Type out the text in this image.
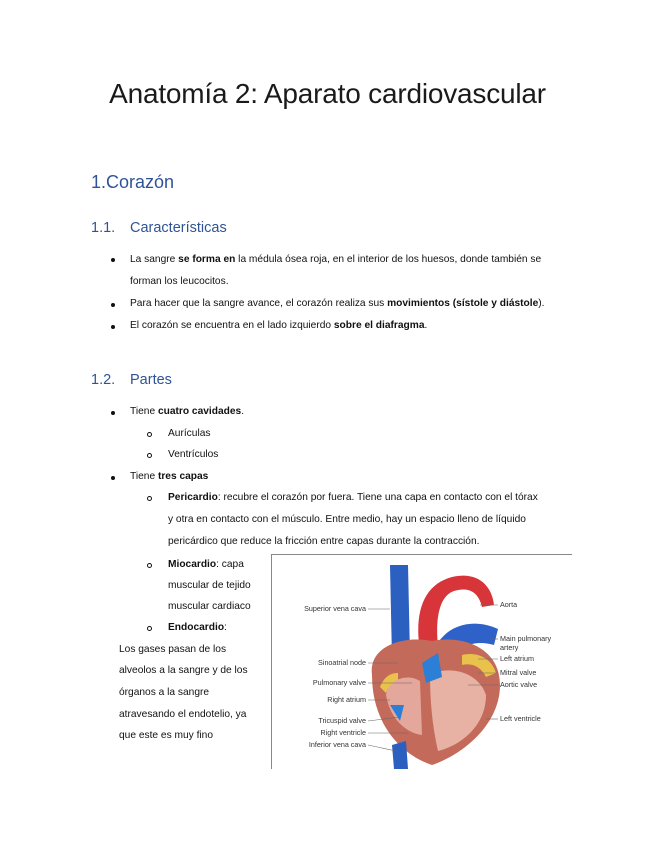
Anatomía 2: Aparato cardiovascular
1.Corazón
1.1. Características
La sangre se forma en la médula ósea roja, en el interior de los huesos, donde también se
forman los leucocitos.
Para hacer que la sangre avance, el corazón realiza sus movimientos (sístole y diástole).
El corazón se encuentra en el lado izquierdo sobre el diafragma.
1.2. Partes
Tiene cuatro cavidades.
Aurículas
Ventrículos
Tiene tres capas
Pericardio: recubre el corazón por fuera. Tiene una capa en contacto con el tórax
y otra en contacto con el músculo. Entre medio, hay un espacio lleno de líquido
pericárdico que reduce la fricción entre capas durante la contracción.
Miocardio: capa
muscular de tejido
muscular cardiaco
Endocardio:
Los gases pasan de los
alveolos a la sangre y de los
órganos a la sangre
atravesando el endotelio, ya
que este es muy fino
Superior vena cava
Sinoatrial node
Pulmonary valve
Right atrium
Tricuspid valve
Right ventricle
Inferior vena cava
Aorta
Main pulmonary
artery
Left atrium
Mitral valve
Aortic valve
Left ventricle
